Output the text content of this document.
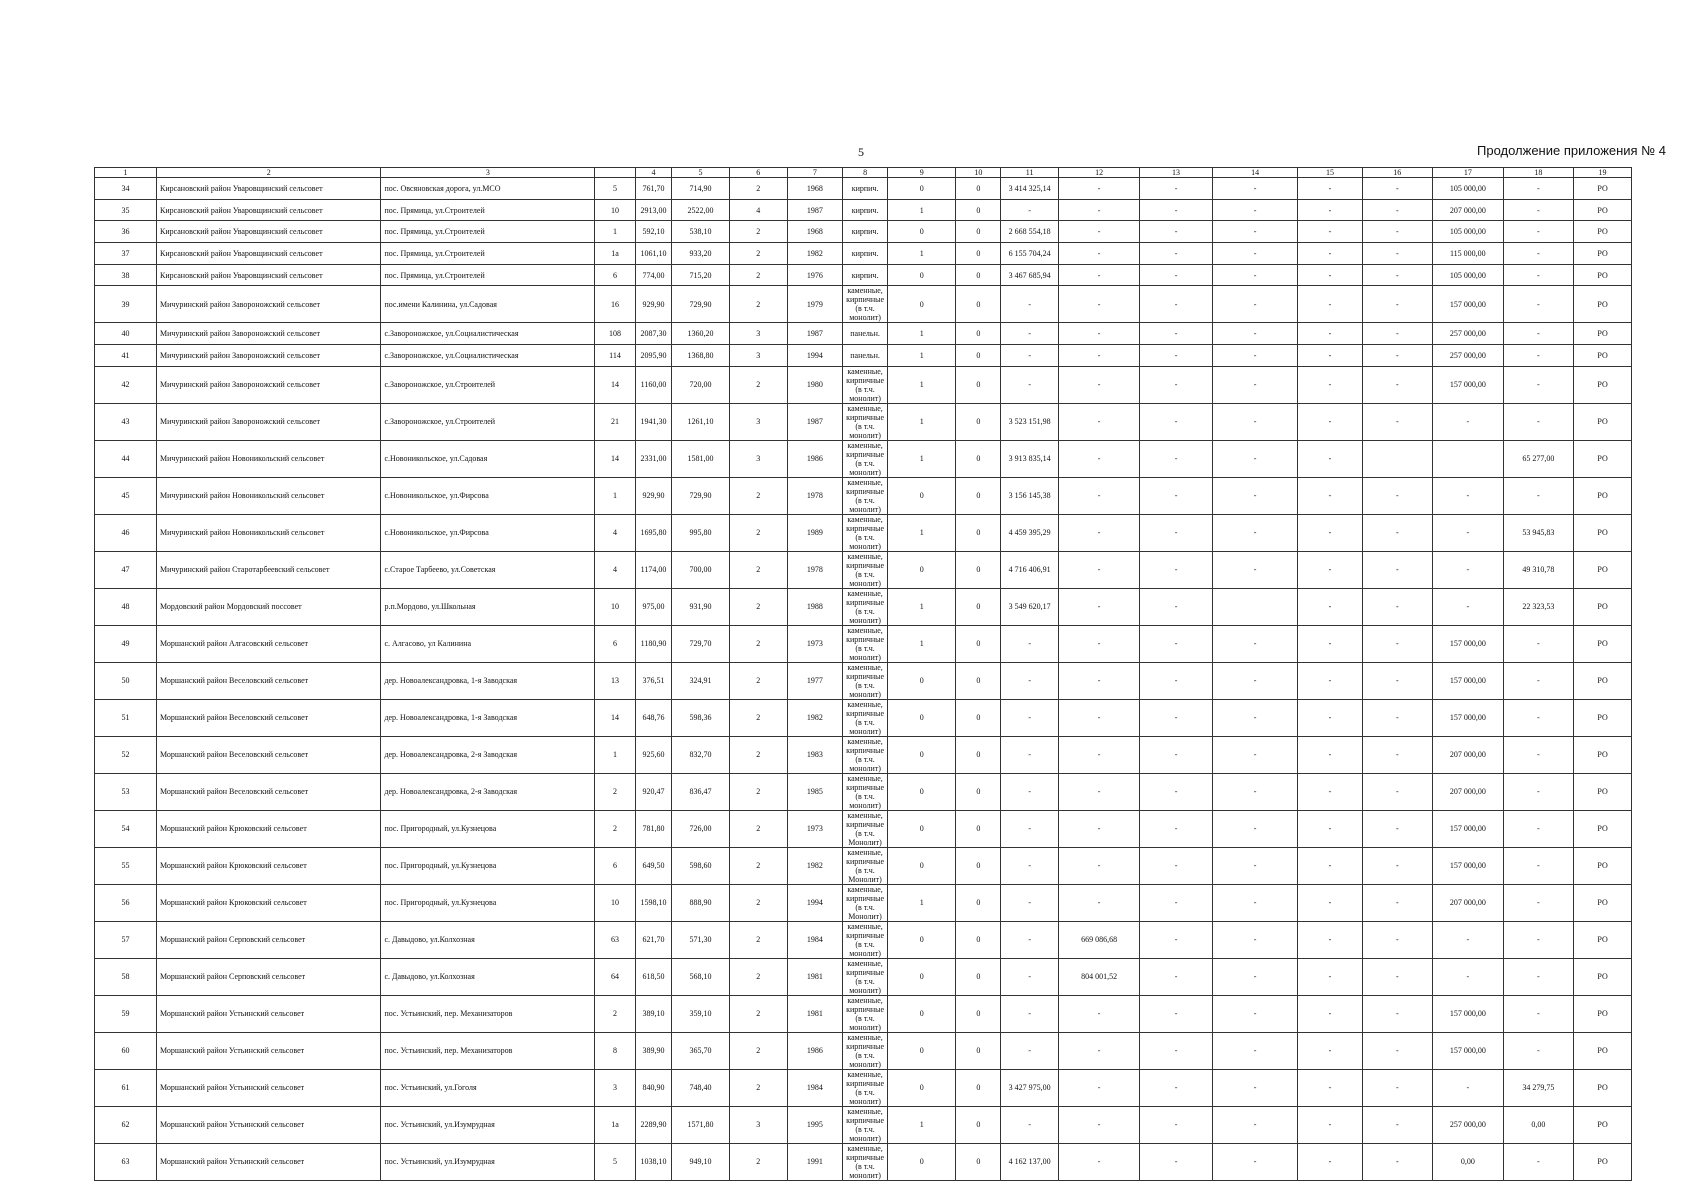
5	Продолжение приложения № 4
1	2	3		4	5	6	7	8	9	10	11	12	13	14	15	16	17	18	19
34	Кирсановский район Уваровщинский сельсовет	пос. Овсяновская дорога, ул.МСО	5	761,70	714,90	2	1968	кирпич.	0	0	3 414 325,14	-	-	-	-	-	105 000,00	-	РО
35	Кирсановский район Уваровщинский сельсовет	пос. Прямица, ул.Строителей	10	2913,00	2522,00	4	1987	кирпич.	1	0	-	-	-	-	-	-	207 000,00	-	РО
36	Кирсановский район Уваровщинский сельсовет	пос. Прямица, ул.Строителей	1	592,10	538,10	2	1968	кирпич.	0	0	2 668 554,18	-	-	-	-	-	105 000,00	-	РО
37	Кирсановский район Уваровщинский сельсовет	пос. Прямица, ул.Строителей	1а	1061,10	933,20	2	1982	кирпич.	1	0	6 155 704,24	-	-	-	-	-	115 000,00	-	РО
38	Кирсановский район Уваровщинский сельсовет	пос. Прямица, ул.Строителей	6	774,00	715,20	2	1976	кирпич.	0	0	3 467 685,94	-	-	-	-	-	105 000,00	-	РО
39	Мичуринский район Завороножский сельсовет	пос.имени Калинина, ул.Садовая	16	929,90	729,90	2	1979	каменные, кирпичные (в т.ч. монолит)	0	0	-	-	-	-	-	-	157 000,00	-	РО
40	Мичуринский район Завороножский сельсовет	с.Завороножское, ул.Социалистическая	108	2087,30	1360,20	3	1987	панельн.	1	0	-	-	-	-	-	-	257 000,00	-	РО
41	Мичуринский район Завороножский сельсовет	с.Завороножское, ул.Социалистическая	114	2095,90	1368,80	3	1994	панельн.	1	0	-	-	-	-	-	-	257 000,00	-	РО
42	Мичуринский район Завороножский сельсовет	с.Завороножское, ул.Строителей	14	1160,00	720,00	2	1980	каменные, кирпичные (в т.ч. монолит)	1	0	-	-	-	-	-	-	157 000,00	-	РО
43	Мичуринский район Завороножский сельсовет	с.Завороножское, ул.Строителей	21	1941,30	1261,10	3	1987	каменные, кирпичные (в т.ч. монолит)	1	0	3 523 151,98	-	-	-	-	-	-	-	РО
44	Мичуринский район Новоникольский сельсовет	с.Новоникольское, ул.Садовая	14	2331,00	1581,00	3	1986	каменные, кирпичные (в т.ч. монолит)	1	0	3 913 835,14	-	-	-	-			65 277,00	РО
45	Мичуринский район Новоникольский сельсовет	с.Новоникольское, ул.Фирсова	1	929,90	729,90	2	1978	каменные, кирпичные (в т.ч. монолит)	0	0	3 156 145,38	-	-	-	-	-	-	-	РО
46	Мичуринский район Новоникольский сельсовет	с.Новоникольское, ул.Фирсова	4	1695,80	995,80	2	1989	каменные, кирпичные (в т.ч. монолит)	1	0	4 459 395,29	-	-	-	-	-	-	53 945,83	РО
47	Мичуринский район Старотарбеевский сельсовет	с.Старое Тарбеево, ул.Советская	4	1174,00	700,00	2	1978	каменные, кирпичные (в т.ч. монолит)	0	0	4 716 406,91	-	-	-	-	-	-	49 310,78	РО
48	Мордовский район Мордовский поссовет	р.п.Мордово, ул.Школьная	10	975,00	931,90	2	1988	каменные, кирпичные (в т.ч. монолит)	1	0	3 549 620,17	-	-		-	-	-	22 323,53	РО
49	Моршанский район Алгасовский сельсовет	с. Алгасово, ул Калинина	6	1180,90	729,70	2	1973	каменные, кирпичные (в т.ч. монолит)	1	0	-	-	-	-	-	-	157 000,00	-	РО
50	Моршанский район Веселовский сельсовет	дер. Новоалександровка, 1-я Заводская	13	376,51	324,91	2	1977	каменные, кирпичные (в т.ч. монолит)	0	0	-	-	-	-	-	-	157 000,00	-	РО
51	Моршанский район Веселовский сельсовет	дер. Новоалександровка, 1-я Заводская	14	648,76	598,36	2	1982	каменные, кирпичные (в т.ч. монолит)	0	0	-	-	-	-	-	-	157 000,00	-	РО
52	Моршанский район Веселовский сельсовет	дер. Новоалександровка, 2-я Заводская	1	925,60	832,70	2	1983	каменные, кирпичные (в т.ч. монолит)	0	0	-	-	-	-	-	-	207 000,00	-	РО
53	Моршанский район Веселовский сельсовет	дер. Новоалександровка, 2-я Заводская	2	920,47	836,47	2	1985	каменные, кирпичные (в т.ч. монолит)	0	0	-	-	-	-	-	-	207 000,00	-	РО
54	Моршанский район Крюковский сельсовет	пос. Пригородный, ул.Кузнецова	2	781,80	726,00	2	1973	каменные, кирпичные (в т.ч. Монолит)	0	0	-	-	-	-	-	-	157 000,00	-	РО
55	Моршанский район Крюковский сельсовет	пос. Пригородный, ул.Кузнецова	6	649,50	598,60	2	1982	каменные, кирпичные (в т.ч. Монолит)	0	0	-	-	-	-	-	-	157 000,00	-	РО
56	Моршанский район Крюковский сельсовет	пос. Пригородный, ул.Кузнецова	10	1598,10	888,90	2	1994	каменные, кирпичные (в т.ч. Монолит)	1	0	-	-	-	-	-	-	207 000,00	-	РО
57	Моршанский район Серповский сельсовет	с. Давыдово, ул.Колхозная	63	621,70	571,30	2	1984	каменные, кирпичные (в т.ч. монолит)	0	0	-	669 086,68	-	-	-	-	-	-	РО
58	Моршанский район Серповский сельсовет	с. Давыдово, ул.Колхозная	64	618,50	568,10	2	1981	каменные, кирпичные (в т.ч. монолит)	0	0	-	804 001,52	-	-	-	-	-	-	РО
59	Моршанский район Устьинский сельсовет	пос. Устьинский, пер. Механизаторов	2	389,10	359,10	2	1981	каменные, кирпичные (в т.ч. монолит)	0	0	-	-	-	-	-	-	157 000,00	-	РО
60	Моршанский район Устьинский сельсовет	пос. Устьинский, пер. Механизаторов	8	389,90	365,70	2	1986	каменные, кирпичные (в т.ч. монолит)	0	0	-	-	-	-	-	-	157 000,00	-	РО
61	Моршанский район Устьинский сельсовет	пос. Устьинский, ул.Гоголя	3	840,90	748,40	2	1984	каменные, кирпичные (в т.ч. монолит)	0	0	3 427 975,00	-	-	-	-	-	-	34 279,75	РО
62	Моршанский район Устьинский сельсовет	пос. Устьинский, ул.Изумрудная	1а	2289,90	1571,80	3	1995	каменные, кирпичные (в т.ч. монолит)	1	0	-	-	-	-	-	-	257 000,00	0,00	РО
63	Моршанский район Устьинский сельсовет	пос. Устьинский, ул.Изумрудная	5	1038,10	949,10	2	1991	каменные, кирпичные (в т.ч. монолит)	0	0	4 162 137,00	-	-	-	-	-	0,00	-	РО
